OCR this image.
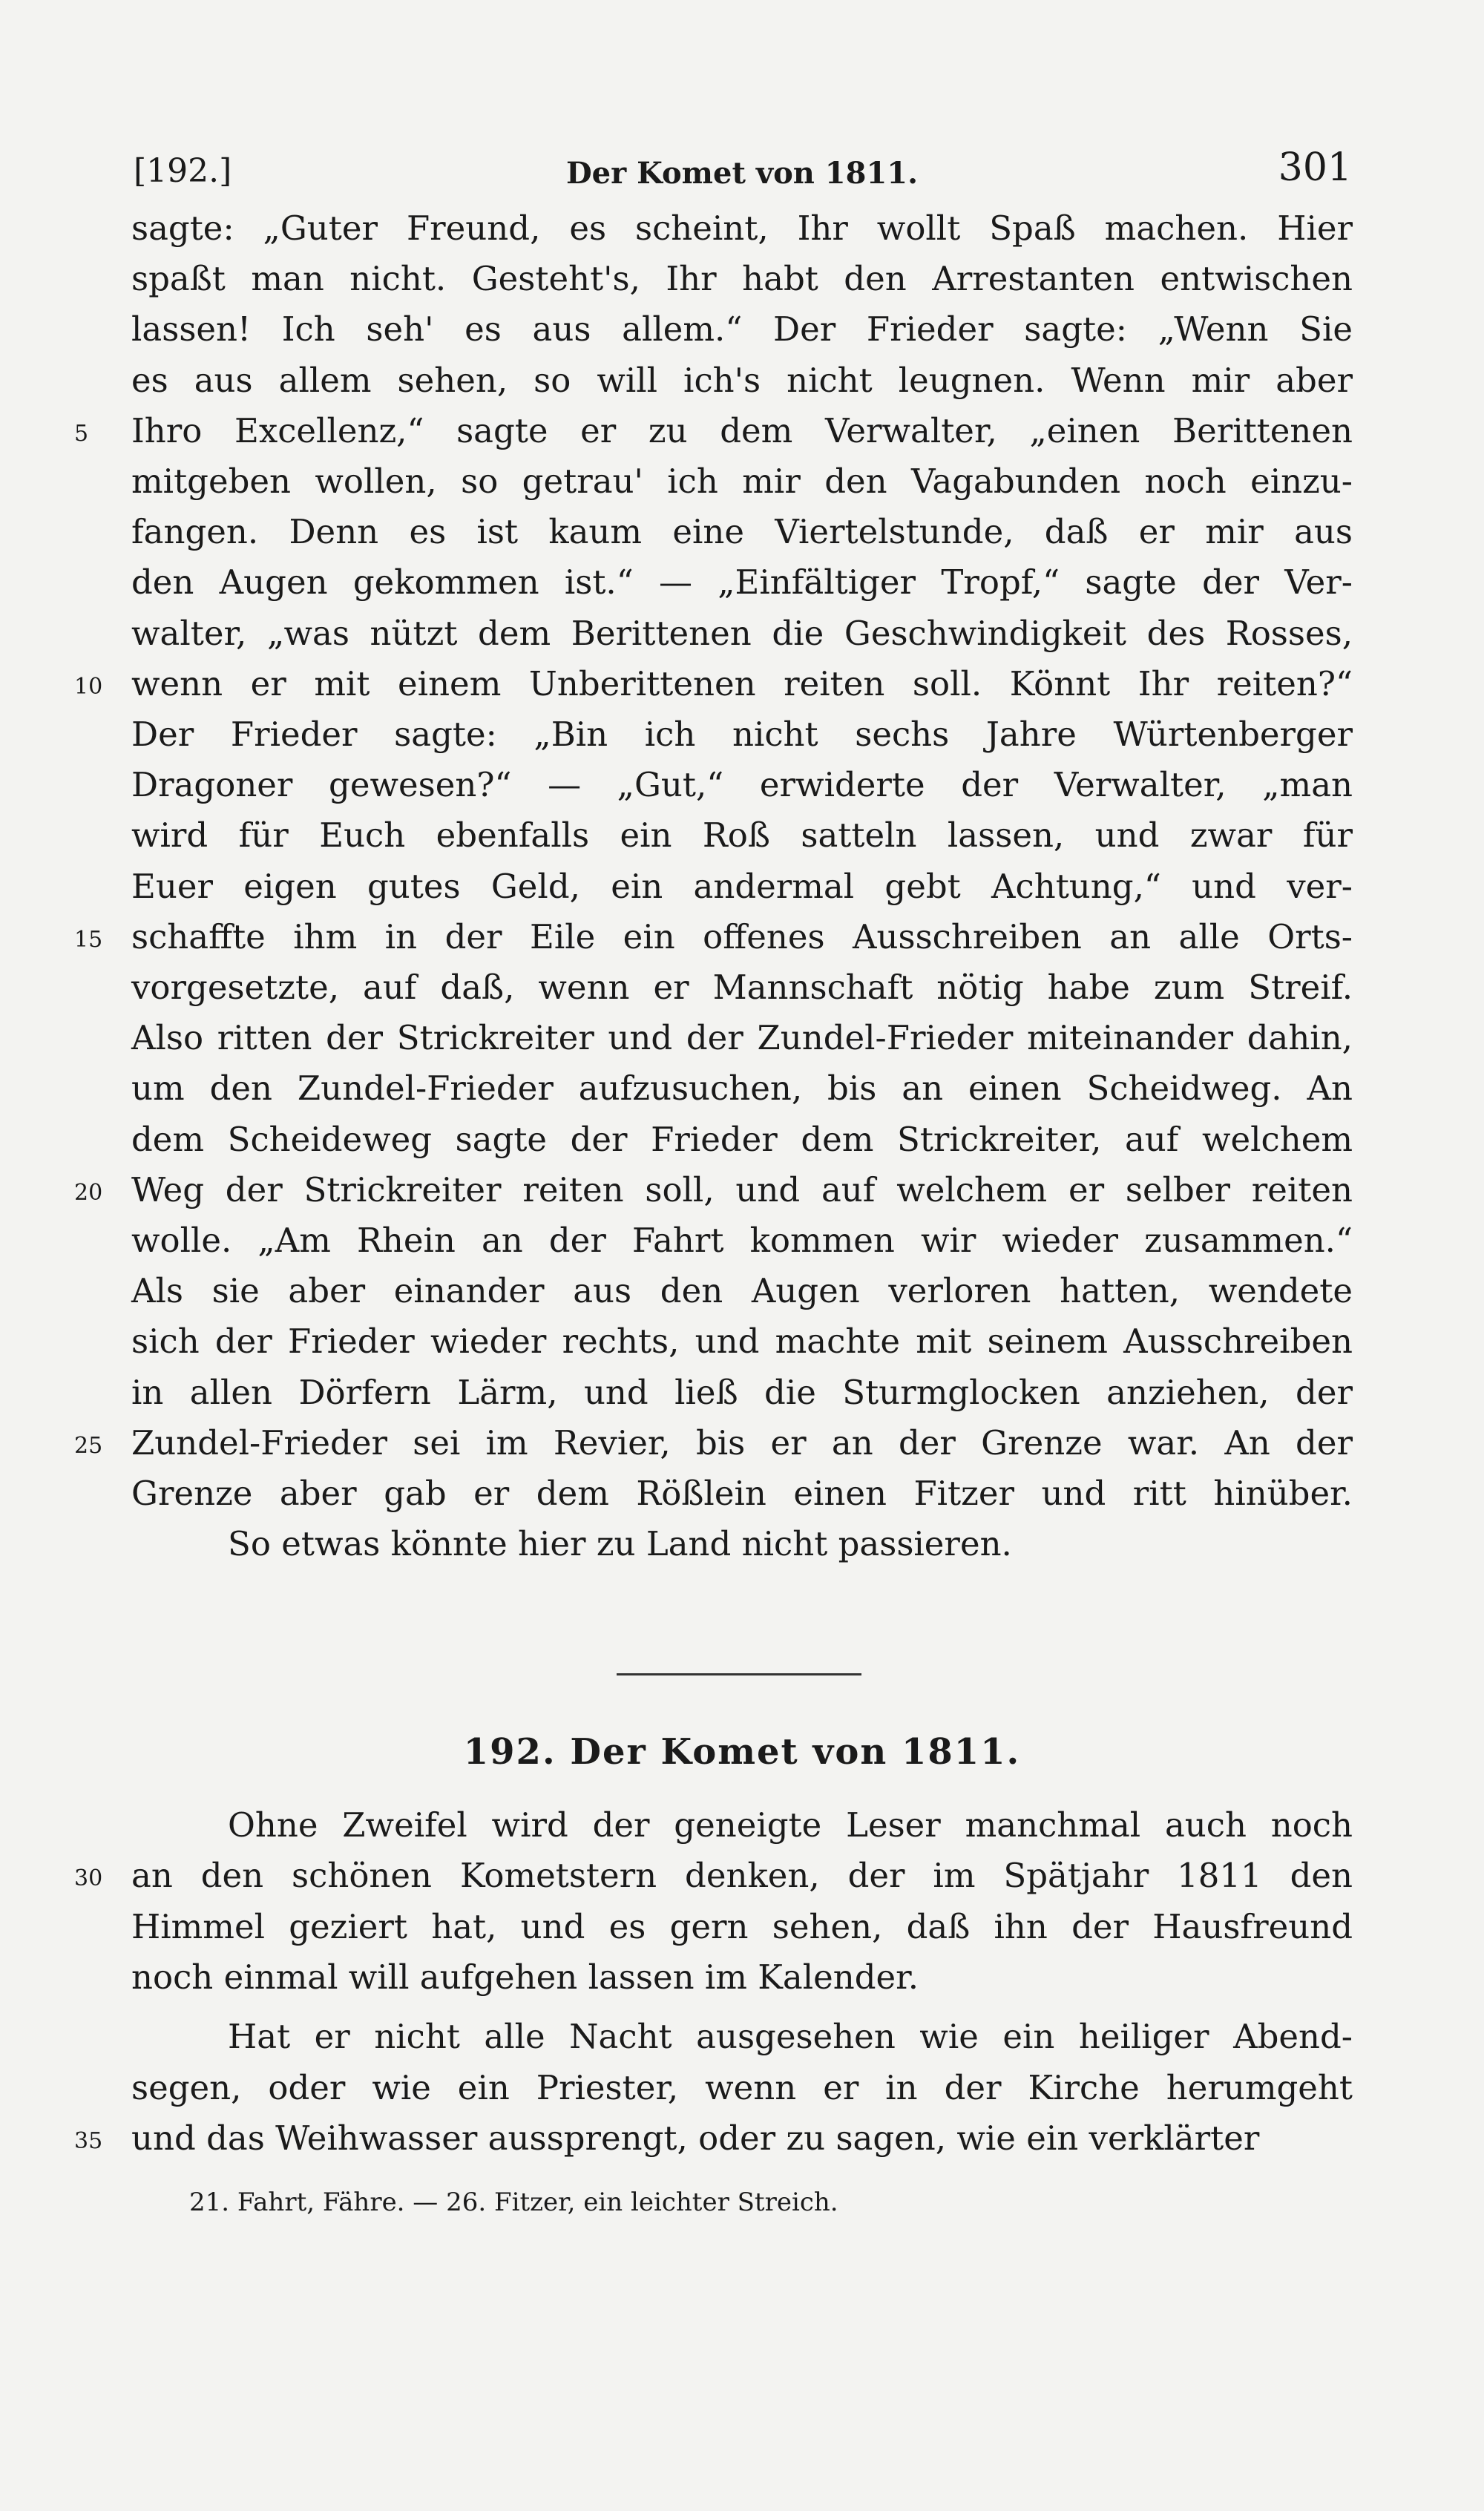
[192.]	Der Komet von 1811.	301
sagte: „Guter Freund, es scheint, Ihr wollt Spaß machen. Hier
spaßt man nicht. Gesteht's, Ihr habt den Arrestanten entwischen
lassen! Ich seh' es aus allem.“ Der Frieder sagte: „Wenn Sie
es aus allem sehen, so will ich's nicht leugnen. Wenn mir aber
Ihro Excellenz,“ sagte er zu dem Verwalter, „einen Berittenen
5
mitgeben wollen, so getrau' ich mir den Vagabunden noch einzu-
fangen. Denn es ist kaum eine Viertelstunde, daß er mir aus
den Augen gekommen ist.“ — „Einfältiger Tropf,“ sagte der Ver-
walter, „was nützt dem Berittenen die Geschwindigkeit des Rosses,
wenn er mit einem Unberittenen reiten soll. Könnt Ihr reiten?“
10
Der Frieder sagte: „Bin ich nicht sechs Jahre Würtenberger
Dragoner gewesen?“ — „Gut,“ erwiderte der Verwalter, „man
wird für Euch ebenfalls ein Roß satteln lassen, und zwar für
Euer eigen gutes Geld, ein andermal gebt Achtung,“ und ver-
schaffte ihm in der Eile ein offenes Ausschreiben an alle Orts-
15
vorgesetzte, auf daß, wenn er Mannschaft nötig habe zum Streif.
Also ritten der Strickreiter und der Zundel-Frieder miteinander dahin,
um den Zundel-Frieder aufzusuchen, bis an einen Scheidweg. An
dem Scheideweg sagte der Frieder dem Strickreiter, auf welchem
Weg der Strickreiter reiten soll, und auf welchem er selber reiten
20
wolle. „Am Rhein an der Fahrt kommen wir wieder zusammen.“
Als sie aber einander aus den Augen verloren hatten, wendete
sich der Frieder wieder rechts, und machte mit seinem Ausschreiben
in allen Dörfern Lärm, und ließ die Sturmglocken anziehen, der
Zundel-Frieder sei im Revier, bis er an der Grenze war. An der
25
Grenze aber gab er dem Rößlein einen Fitzer und ritt hinüber.
So etwas könnte hier zu Land nicht passieren.
Ohne Zweifel wird der geneigte Leser manchmal auch noch
an den schönen Kometstern denken, der im Spätjahr 1811 den
30
Himmel geziert hat, und es gern sehen, daß ihn der Hausfreund
noch einmal will aufgehen lassen im Kalender.
Hat er nicht alle Nacht ausgesehen wie ein heiliger Abend-
segen, oder wie ein Priester, wenn er in der Kirche herumgeht
und das Weihwasser aussprengt, oder zu sagen, wie ein verklärter
35
192. Der Komet von 1811.
21. Fahrt, Fähre. — 26. Fitzer, ein leichter Streich.
